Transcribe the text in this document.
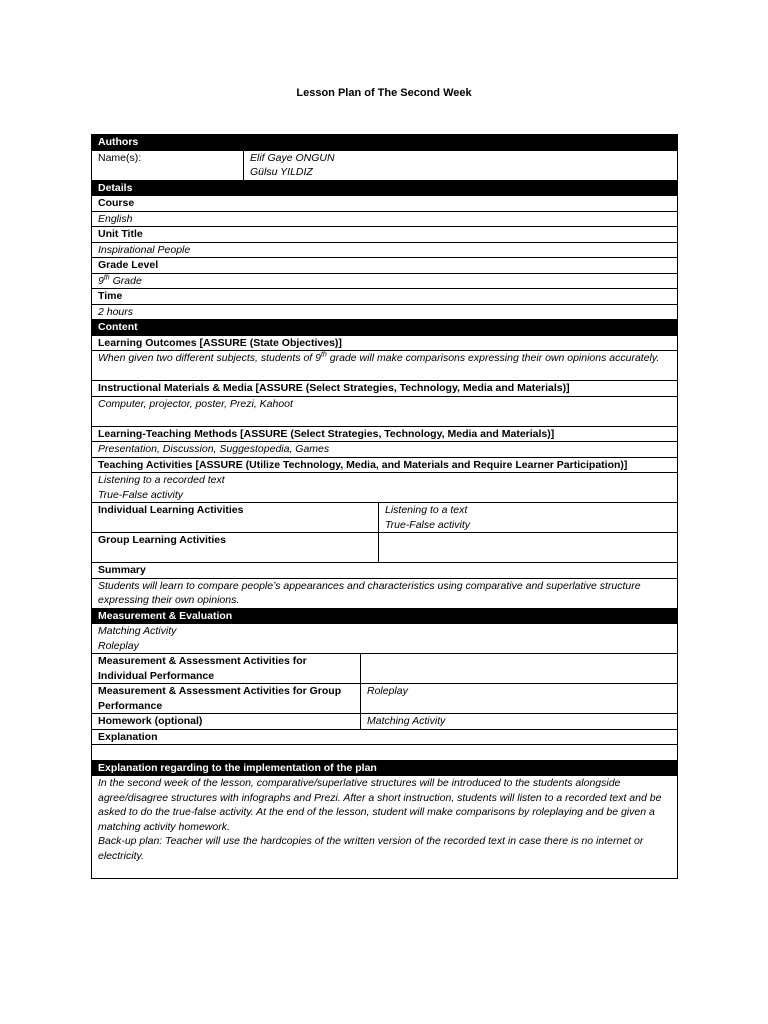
Lesson Plan of The Second Week
Authors			
Name(s):	Elif Gaye ONGUN
Gülsu YILDIZ		

Details			
Course			
English			
Unit Title			
Inspirational People			
Grade Level			
9th Grade			
Time			
2 hours			
Content			
Learning Outcomes [ASSURE (State Objectives)]			
When given two different subjects, students of 9th grade will make comparisons expressing their own opinions accurately.			
Instructional Materials & Media [ASSURE (Select Strategies, Technology, Media and Materials)]			
Computer, projector, poster, Prezi, Kahoot			
Learning-Teaching Methods [ASSURE (Select Strategies, Technology, Media and Materials)]			
Presentation, Discussion, Suggestopedia, Games			
Teaching Activities [ASSURE (Utilize Technology, Media, and Materials and Require Learner Participation)]			

Listening to a recorded text
True-False activity			

Individual Learning Activities			Listening to a text
True-False activity

Group Learning Activities			
Summary			
Students will learn to compare people’s appearances and characteristics using comparative and superlative structure expressing their own opinions.			
Measurement & Evaluation			

Matching Activity
Roleplay			

Measurement & Assessment Activities for Individual Performance			
Measurement & Assessment Activities for Group Performance		Roleplay	
Homework (optional)		Matching Activity	
Explanation			

Explanation regarding to the implementation of the plan			

In the second week of the lesson, comparative/superlative structures will be introduced to the students alongside agree/disagree structures with infographs and Prezi. After a short instruction, students will listen to a recorded text and be asked to do the true-false activity. At the end of the lesson, student will make comparisons by roleplaying and be given a matching activity homework.
Back-up plan: Teacher will use the hardcopies of the written version of the recorded text in case there is no internet or electricity.			
